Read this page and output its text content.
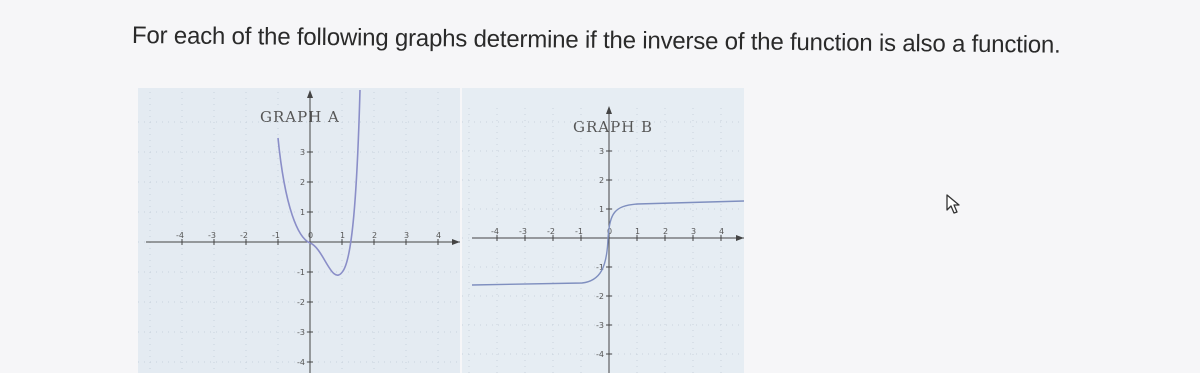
For each of the following graphs determine if the inverse of the function is also a function.
GRAPH A
-4	-3	-2	-1	0	1	2	3	4
3
2
1
-1
-2
-3
-4
GRAPH B
-4	-3	-2	-1	0	1	2	3	4
3
2
1
-1
-2
-3
-4
